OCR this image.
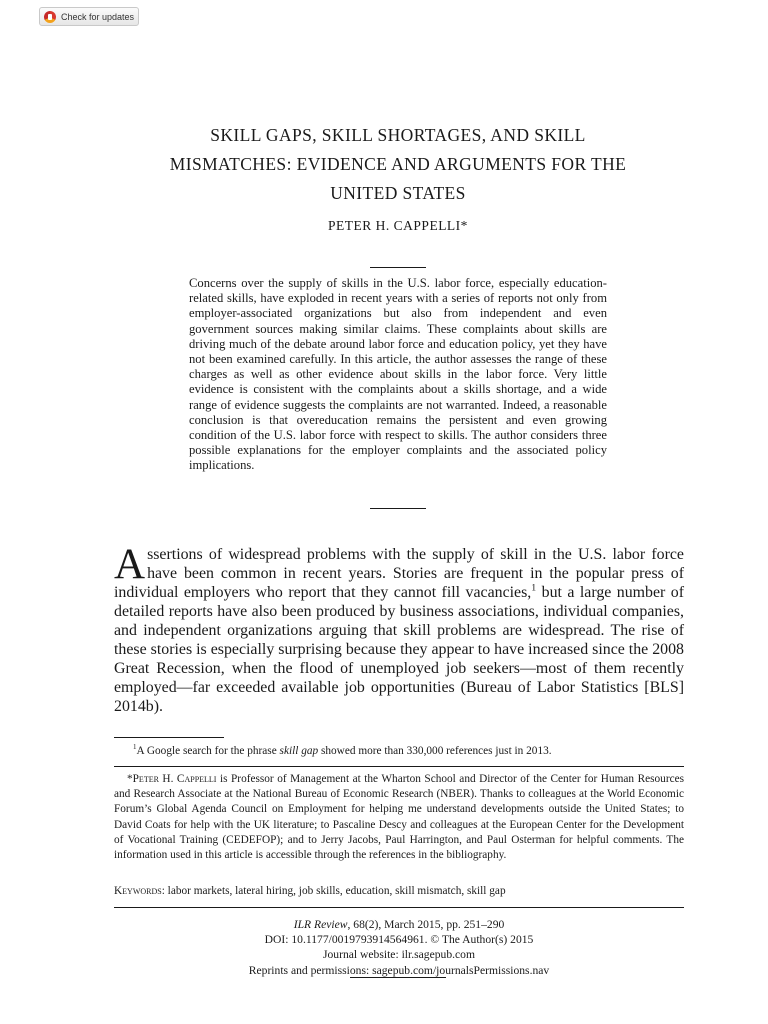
Check for updates
SKILL GAPS, SKILL SHORTAGES, AND SKILL
MISMATCHES: EVIDENCE AND ARGUMENTS FOR THE
UNITED STATES

PETER H. CAPPELLI*

Concerns over the supply of skills in the U.S. labor force, especially education-related skills, have exploded in recent years with a series of reports not only from employer-associated organizations but also from independent and even government sources making similar claims. These complaints about skills are driving much of the debate around labor force and education policy, yet they have not been examined carefully. In this article, the author assesses the range of these charges as well as other evidence about skills in the labor force. Very little evidence is consistent with the complaints about a skills shortage, and a wide range of evidence suggests the complaints are not warranted. Indeed, a reasonable conclusion is that overeducation remains the persistent and even growing condition of the U.S. labor force with respect to skills. The author considers three possible explanations for the employer complaints and the associated policy implications.

Assertions of widespread problems with the supply of skill in the U.S. labor force have been common in recent years. Stories are frequent in the popular press of individual employers who report that they cannot fill vacancies,$^1$ but a large number of detailed reports have also been produced by business associations, individual companies, and independent organizations arguing that skill problems are widespread. The rise of these stories is especially surprising because they appear to have increased since the 2008 Great Recession, when the flood of unemployed job seekers—most of them recently employed—far exceeded available job opportunities (Bureau of Labor Statistics [BLS] 2014b).

$^1$A Google search for the phrase skill gap showed more than 330,000 references just in 2013.

*Peter H. Cappelli is Professor of Management at the Wharton School and Director of the Center for Human Resources and Research Associate at the National Bureau of Economic Research (NBER). Thanks to colleagues at the World Economic Forum’s Global Agenda Council on Employment for helping me understand developments outside the United States; to David Coats for help with the UK literature; to Pascaline Descy and colleagues at the European Center for the Development of Vocational Training (CEDEFOP); and to Jerry Jacobs, Paul Harrington, and Paul Osterman for helpful comments. The information used in this article is accessible through the references in the bibliography.

Keywords: labor markets, lateral hiring, job skills, education, skill mismatch, skill gap

ILR Review, 68(2), March 2015, pp. 251–290
DOI: 10.1177/0019793914564961. © The Author(s) 2015
Journal website: ilr.sagepub.com
Reprints and permissions: sagepub.com/journalsPermissions.nav
